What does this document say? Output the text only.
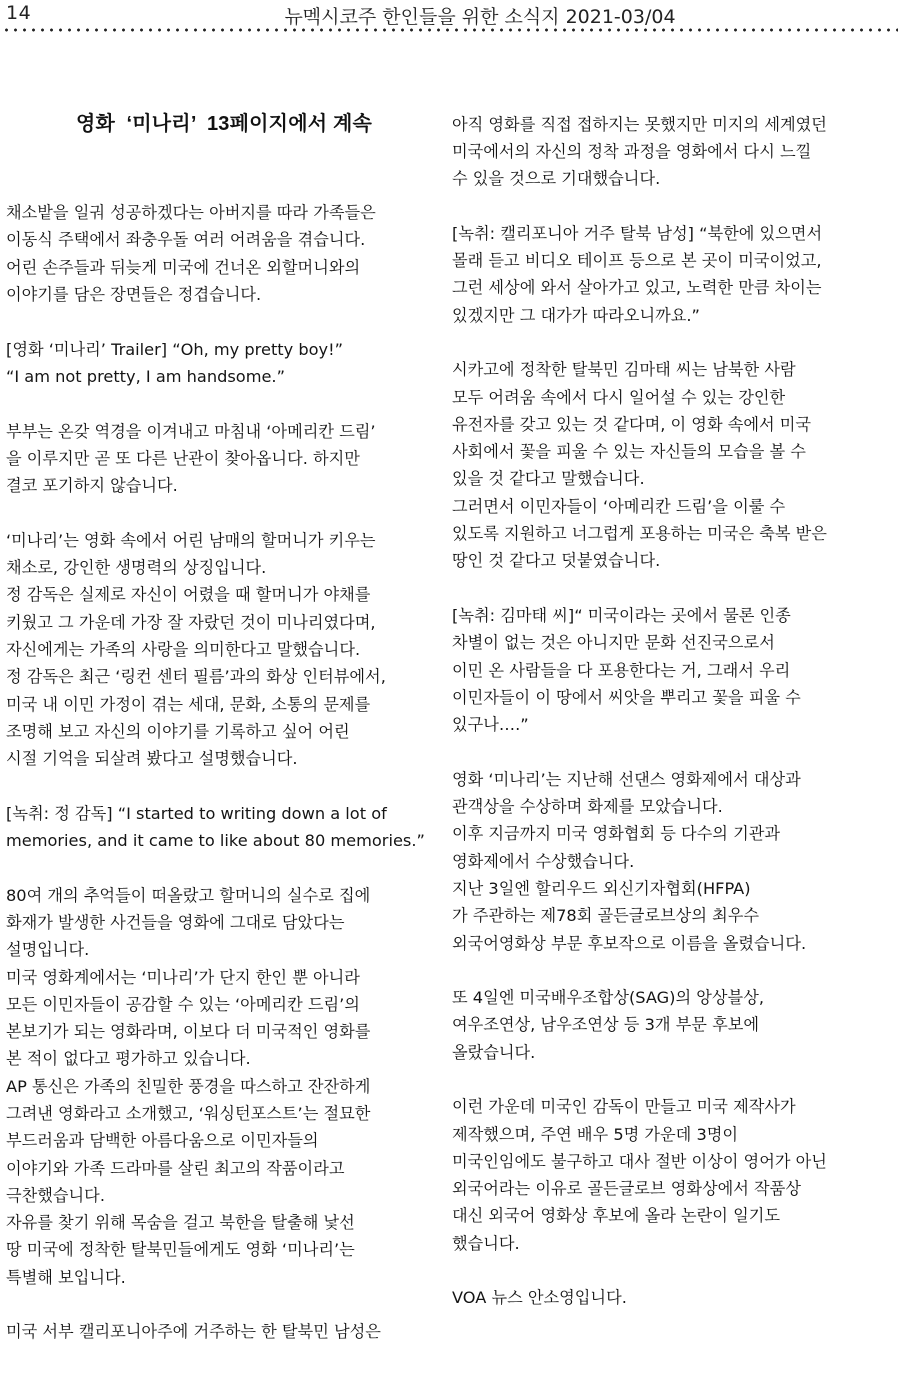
14	뉴멕시코주 한인들을 위한 소식지 2021-03/04

영화  ‘미나리’  13페이지에서 계속

채소밭을 일궈 성공하겠다는 아버지를 따라 가족들은
이동식 주택에서 좌충우돌 여러 어려움을 겪습니다.
어린 손주들과 뒤늦게 미국에 건너온 외할머니와의
이야기를 담은 장면들은 정겹습니다.
[영화 ‘미나리’ Trailer] “Oh, my pretty boy!”
“I am not pretty, I am handsome.”
부부는 온갖 역경을 이겨내고 마침내 ‘아메리칸 드림’
을 이루지만 곧 또 다른 난관이 찾아옵니다. 하지만
결코 포기하지 않습니다.
‘미나리’는 영화 속에서 어린 남매의 할머니가 키우는
채소로, 강인한 생명력의 상징입니다.
정 감독은 실제로 자신이 어렸을 때 할머니가 야채를
키웠고 그 가운데 가장 잘 자랐던 것이 미나리였다며,
자신에게는 가족의 사랑을 의미한다고 말했습니다.
정 감독은 최근 ‘링컨 센터 필름’과의 화상 인터뷰에서,
미국 내 이민 가정이 겪는 세대, 문화, 소통의 문제를
조명해 보고 자신의 이야기를 기록하고 싶어 어린
시절 기억을 되살려 봤다고 설명했습니다.
[녹취: 정 감독] “I started to writing down a lot of
memories, and it came to like about 80 memories.”
80여 개의 추억들이 떠올랐고 할머니의 실수로 집에
화재가 발생한 사건들을 영화에 그대로 담았다는
설명입니다.
미국 영화계에서는 ‘미나리’가 단지 한인 뿐 아니라
모든 이민자들이 공감할 수 있는 ‘아메리칸 드림’의
본보기가 되는 영화라며, 이보다 더 미국적인 영화를
본 적이 없다고 평가하고 있습니다.
AP 통신은 가족의 친밀한 풍경을 따스하고 잔잔하게
그려낸 영화라고 소개했고, ‘워싱턴포스트’는 절묘한
부드러움과 담백한 아름다움으로 이민자들의
이야기와 가족 드라마를 살린 최고의 작품이라고
극찬했습니다.
자유를 찾기 위해 목숨을 걸고 북한을 탈출해 낯선
땅 미국에 정착한 탈북민들에게도 영화 ‘미나리’는
특별해 보입니다.
미국 서부 캘리포니아주에 거주하는 한 탈북민 남성은

아직 영화를 직접 접하지는 못했지만 미지의 세계였던
미국에서의 자신의 정착 과정을 영화에서 다시 느낄
수 있을 것으로 기대했습니다.
[녹취: 캘리포니아 거주 탈북 남성] “북한에 있으면서
몰래 듣고 비디오 테이프 등으로 본 곳이 미국이었고,
그런 세상에 와서 살아가고 있고, 노력한 만큼 차이는
있겠지만 그 대가가 따라오니까요.”
시카고에 정착한 탈북민 김마태 씨는 남북한 사람
모두 어려움 속에서 다시 일어설 수 있는 강인한
유전자를 갖고 있는 것 같다며, 이 영화 속에서 미국
사회에서 꽃을 피울 수 있는 자신들의 모습을 볼 수
있을 것 같다고 말했습니다.
그러면서 이민자들이 ‘아메리칸 드림’을 이룰 수
있도록 지원하고 너그럽게 포용하는 미국은 축복 받은
땅인 것 같다고 덧붙였습니다.
[녹취: 김마태 씨]“ 미국이라는 곳에서 물론 인종
차별이 없는 것은 아니지만 문화 선진국으로서
이민 온 사람들을 다 포용한다는 거, 그래서 우리
이민자들이 이 땅에서 씨앗을 뿌리고 꽃을 피울 수
있구나….”
영화 ‘미나리’는 지난해 선댄스 영화제에서 대상과
관객상을 수상하며 화제를 모았습니다.
이후 지금까지 미국 영화협회 등 다수의 기관과
영화제에서 수상했습니다.
지난 3일엔 할리우드 외신기자협회(HFPA)
가 주관하는 제78회 골든글로브상의 최우수
외국어영화상 부문 후보작으로 이름을 올렸습니다.
또 4일엔 미국배우조합상(SAG)의 앙상블상,
여우조연상, 남우조연상 등 3개 부문 후보에
올랐습니다.
이런 가운데 미국인 감독이 만들고 미국 제작사가
제작했으며, 주연 배우 5명 가운데 3명이
미국인임에도 불구하고 대사 절반 이상이 영어가 아닌
외국어라는 이유로 골든글로브 영화상에서 작품상
대신 외국어 영화상 후보에 올라 논란이 일기도
했습니다.
VOA 뉴스 안소영입니다.
